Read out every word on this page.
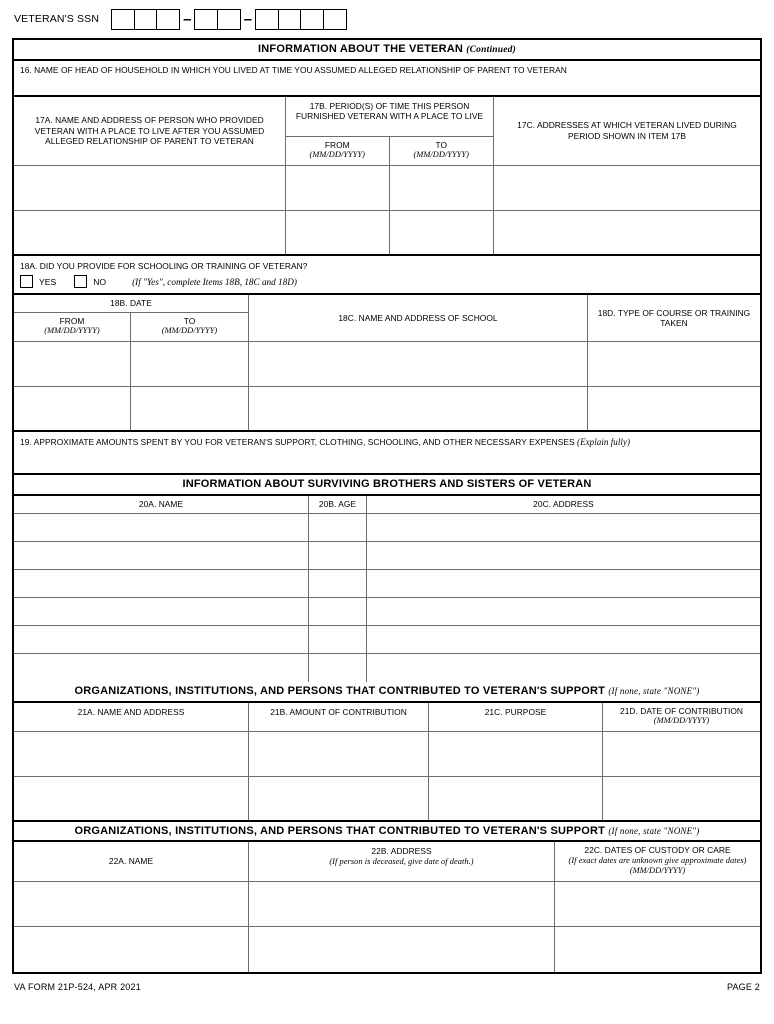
VETERAN'S SSN	–	–
INFORMATION ABOUT THE VETERAN (Continued)
16. NAME OF HEAD OF HOUSEHOLD IN WHICH YOU LIVED AT TIME YOU ASSUMED ALLEGED RELATIONSHIP OF PARENT TO VETERAN
17A. NAME AND ADDRESS OF PERSON WHO PROVIDED VETERAN WITH A PLACE TO LIVE AFTER YOU ASSUMED ALLEGED RELATIONSHIP OF PARENT TO VETERAN
17B. PERIOD(S) OF TIME THIS PERSON FURNISHED VETERAN WITH A PLACE TO LIVE
FROM
(MM/DD/YYYY)
TO
(MM/DD/YYYY)
17C. ADDRESSES AT WHICH VETERAN LIVED DURING PERIOD SHOWN IN ITEM 17B
18A. DID YOU PROVIDE FOR SCHOOLING OR TRAINING OF VETERAN?
YES	NO	(If "Yes", complete Items 18B, 18C and 18D)
18B. DATE
FROM
(MM/DD/YYYY)
TO
(MM/DD/YYYY)
18C. NAME AND ADDRESS OF SCHOOL
18D. TYPE OF COURSE OR TRAINING TAKEN
19. APPROXIMATE AMOUNTS SPENT BY YOU FOR VETERAN'S SUPPORT, CLOTHING, SCHOOLING, AND OTHER NECESSARY EXPENSES (Explain fully)
INFORMATION ABOUT SURVIVING BROTHERS AND SISTERS OF VETERAN
20A. NAME	20B. AGE	20C. ADDRESS
ORGANIZATIONS, INSTITUTIONS, AND PERSONS THAT CONTRIBUTED TO VETERAN'S SUPPORT (If none, state "NONE")
21A. NAME AND ADDRESS	21B. AMOUNT OF CONTRIBUTION	21C. PURPOSE	21D. DATE OF CONTRIBUTION
(MM/DD/YYYY)
ORGANIZATIONS, INSTITUTIONS, AND PERSONS THAT CONTRIBUTED TO VETERAN'S SUPPORT (If none, state "NONE")
22A. NAME
22B. ADDRESS
(If person is deceased, give date of death.)
22C. DATES OF CUSTODY OR CARE
(If exact dates are unknown give approximate dates) (MM/DD/YYYY)
VA FORM 21P-524, APR 2021	PAGE 2
